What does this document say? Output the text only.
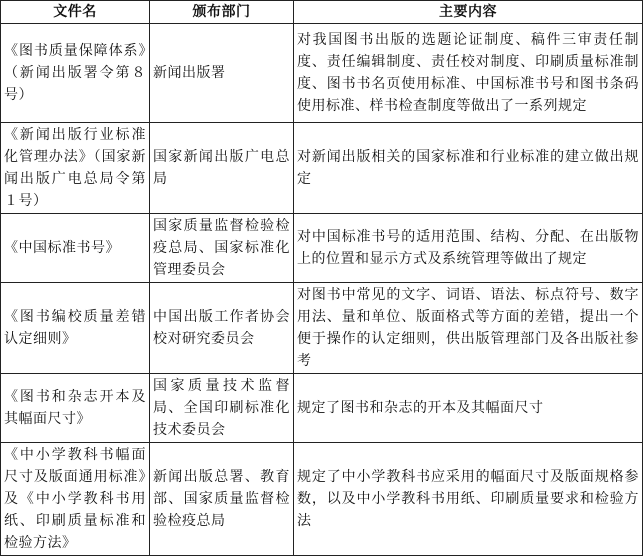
文件名	颁布部门	主要内容
《图书质量保障体系》（新闻出版署令第８号）	新闻出版署	对我国图书出版的选题论证制度、稿件三审责任制度、责任编辑制度、责任校对制度、印刷质量标准制度、图书书名页使用标准、中国标准书号和图书条码使用标准、样书检查制度等做出了一系列规定
《新闻出版行业标准化管理办法》（国家新闻出版广电总局令第１号）	国家新闻出版广电总局	对新闻出版相关的国家标准和行业标准的建立做出规定
《中国标准书号》	国家质量监督检验检疫总局、国家标准化管理委员会	对中国标准书号的适用范围、结构、分配、在出版物上的位置和显示方式及系统管理等做出了规定
《图书编校质量差错认定细则》	中国出版工作者协会校对研究委员会	对图书中常见的文字、词语、语法、标点符号、数字用法、量和单位、版面格式等方面的差错，提出一个便于操作的认定细则，供出版管理部门及各出版社参考
《图书和杂志开本及其幅面尺寸》	国家质量技术监督局、全国印刷标准化技术委员会	规定了图书和杂志的开本及其幅面尺寸
《中小学教科书幅面尺寸及版面通用标准》及《中小学教科书用纸、印刷质量标准和检验方法》	新闻出版总署、教育部、国家质量监督检验检疫总局	规定了中小学教科书应采用的幅面尺寸及版面规格参数，以及中小学教科书用纸、印刷质量要求和检验方法
